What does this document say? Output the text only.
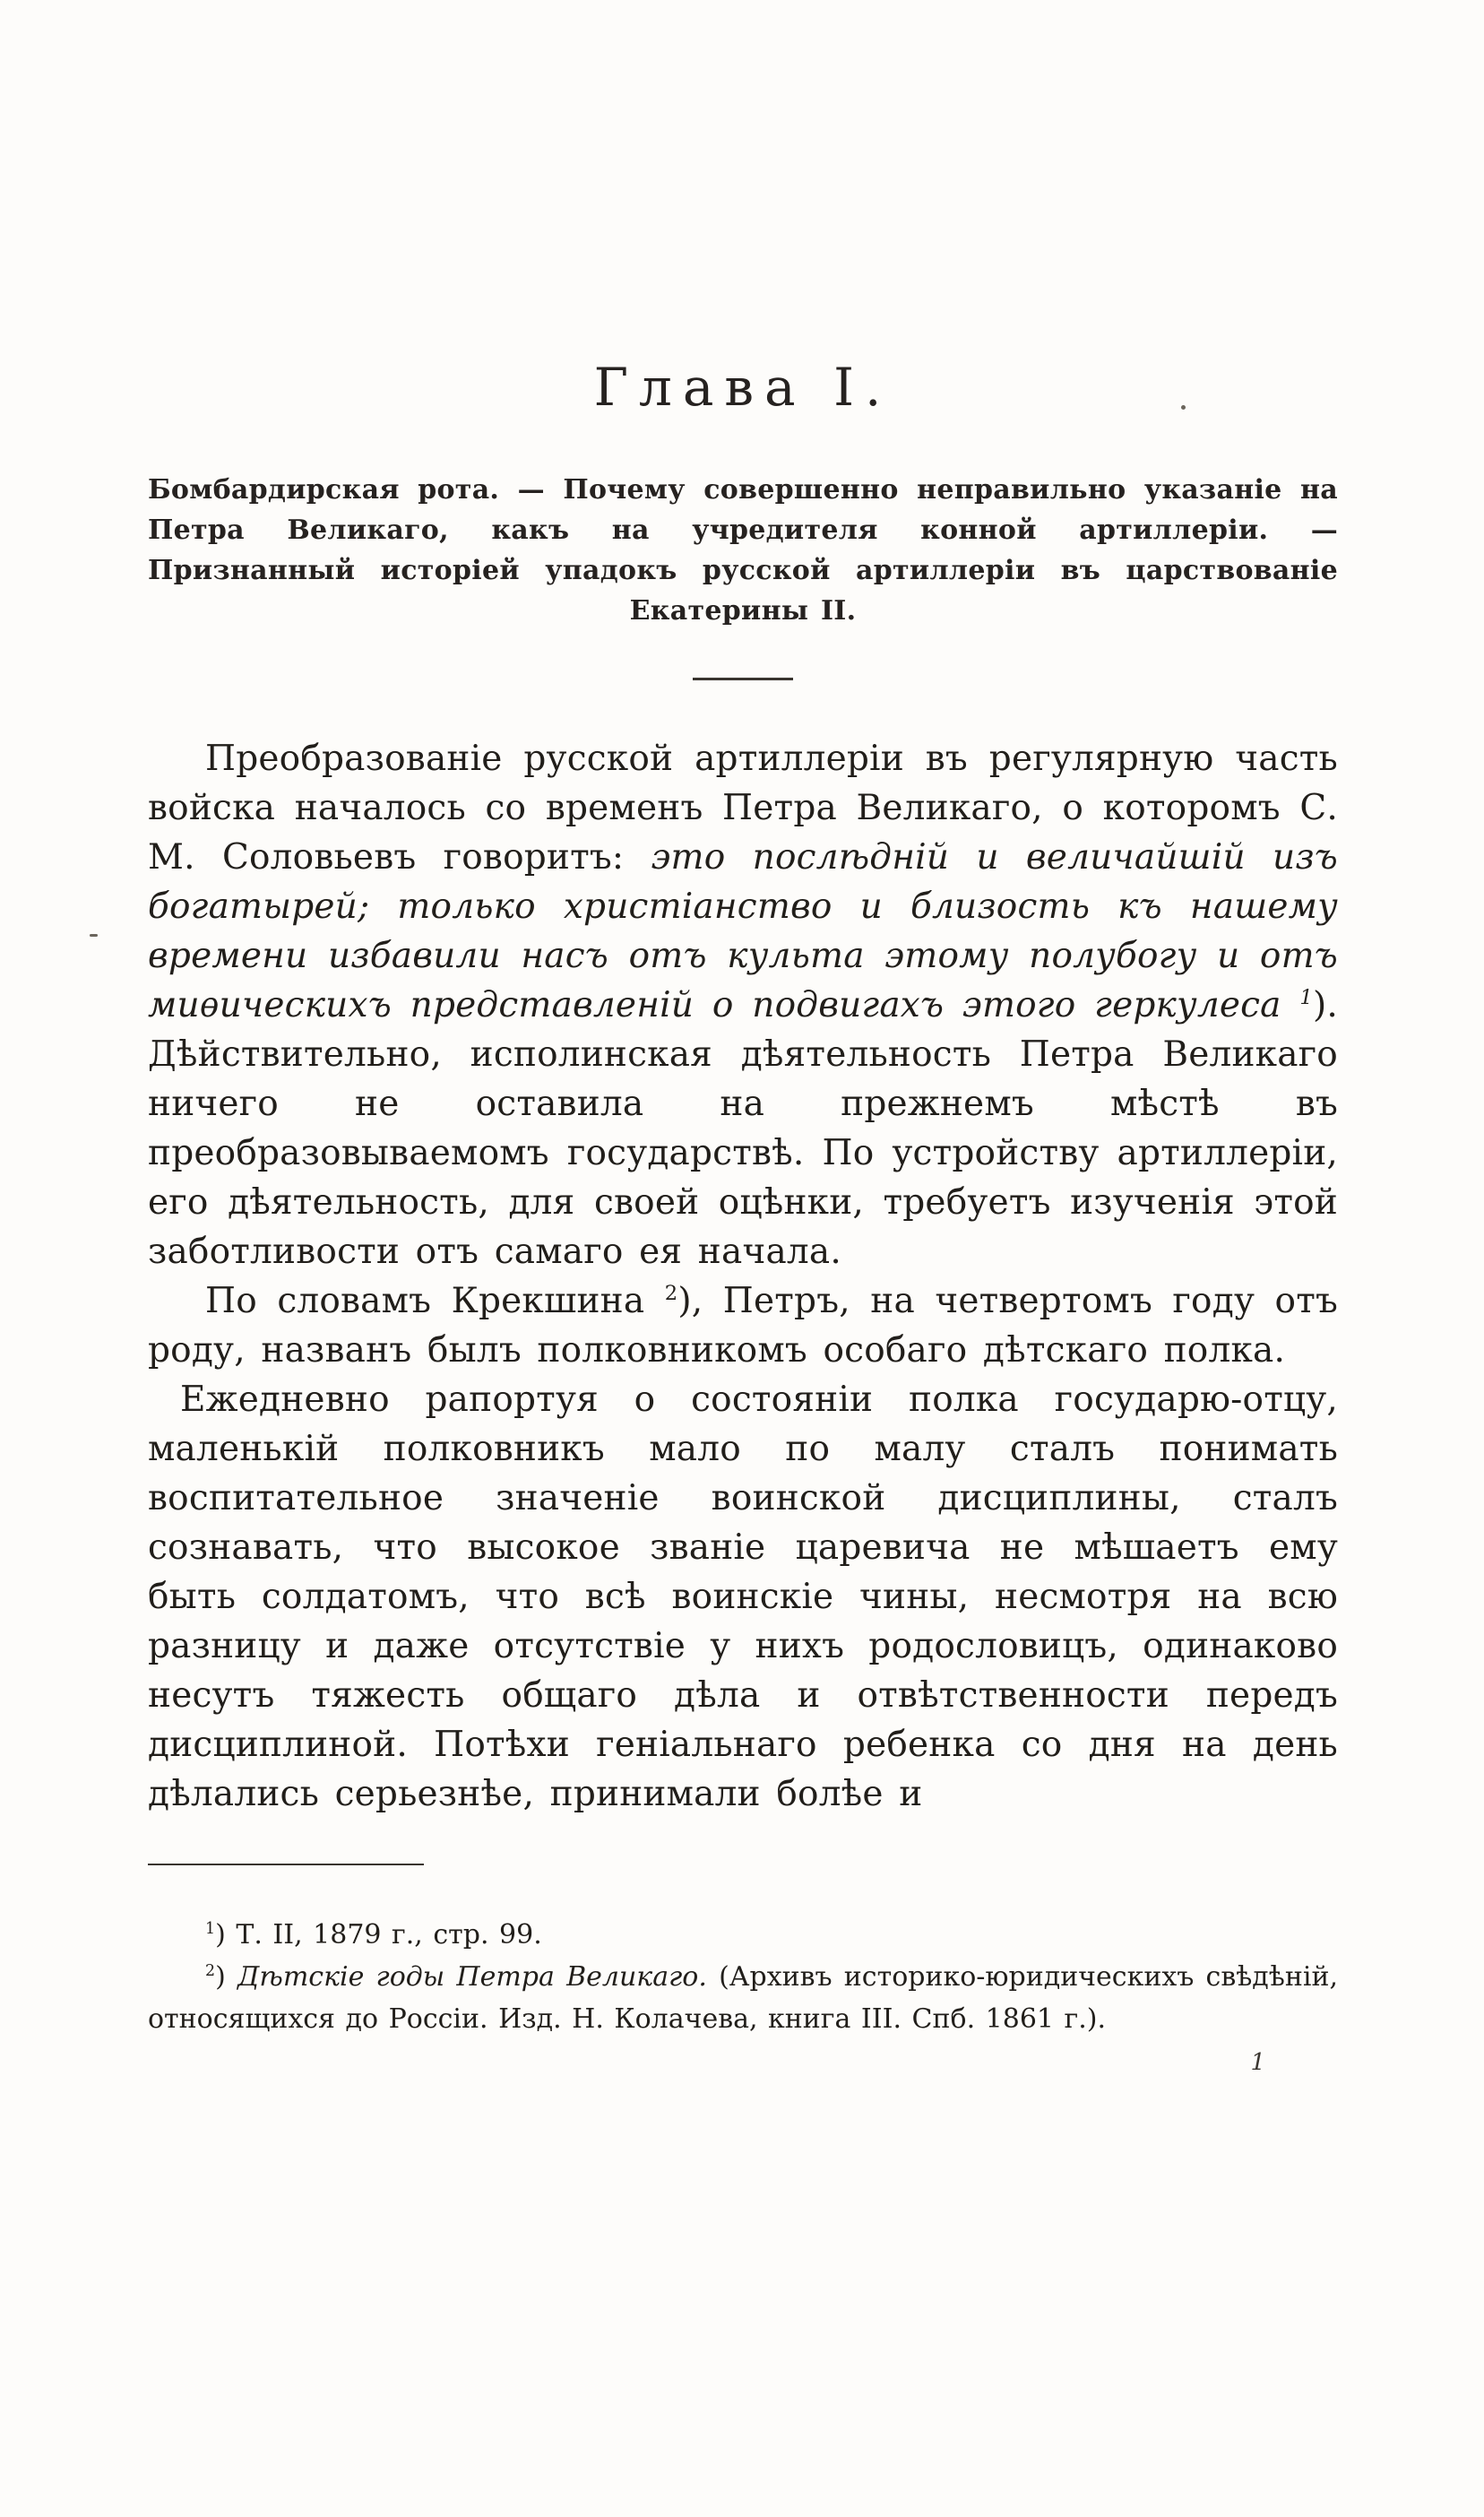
Глава I.

Бомбардирская рота. — Почему совершенно неправильно указаніе на Петра Великаго, какъ на учредителя конной артиллеріи. — Признанный исторіей упадокъ русской артиллеріи въ царствованіе Екатерины II.

Преобразованіе русской артиллеріи въ регулярную часть войска началось со временъ Петра Великаго, о которомъ С. М. Соловьевъ говоритъ: это послѣдній и величайшій изъ богатырей; только христіанство и близость къ нашему времени избавили насъ отъ культа этому полубогу и отъ миѳическихъ представленій о подвигахъ этого геркулеса $^1$). Дѣйствительно, исполинская дѣятельность Петра Великаго ничего не оставила на прежнемъ мѣстѣ въ преобразовываемомъ государствѣ. По устройству артиллеріи, его дѣятельность, для своей оцѣнки, требуетъ изученія этой заботливости отъ самаго ея начала.

По словамъ Крекшина $^2$), Петръ, на четвертомъ году отъ роду, названъ былъ полковникомъ особаго дѣтскаго полка.

Ежедневно рапортуя о состояніи полка государю-отцу, маленькій полковникъ мало по малу сталъ понимать воспитательное значеніе воинской дисциплины, сталъ сознавать, что высокое званіе царевича не мѣшаетъ ему быть солдатомъ, что всѣ воинскіе чины, несмотря на всю разницу и даже отсутствіе у нихъ родословицъ, одинаково несутъ тяжесть общаго дѣла и отвѣтственности передъ дисциплиной. Потѣхи геніальнаго ребенка со дня на день дѣлались серьезнѣе, принимали болѣе и

$^1$) Т. II, 1879 г., стр. 99.

$^2$) Дѣтскіе годы Петра Великаго. (Архивъ историко-юридическихъ свѣдѣній, относящихся до Россіи. Изд. Н. Колачева, книга III. Спб. 1861 г.).

1
